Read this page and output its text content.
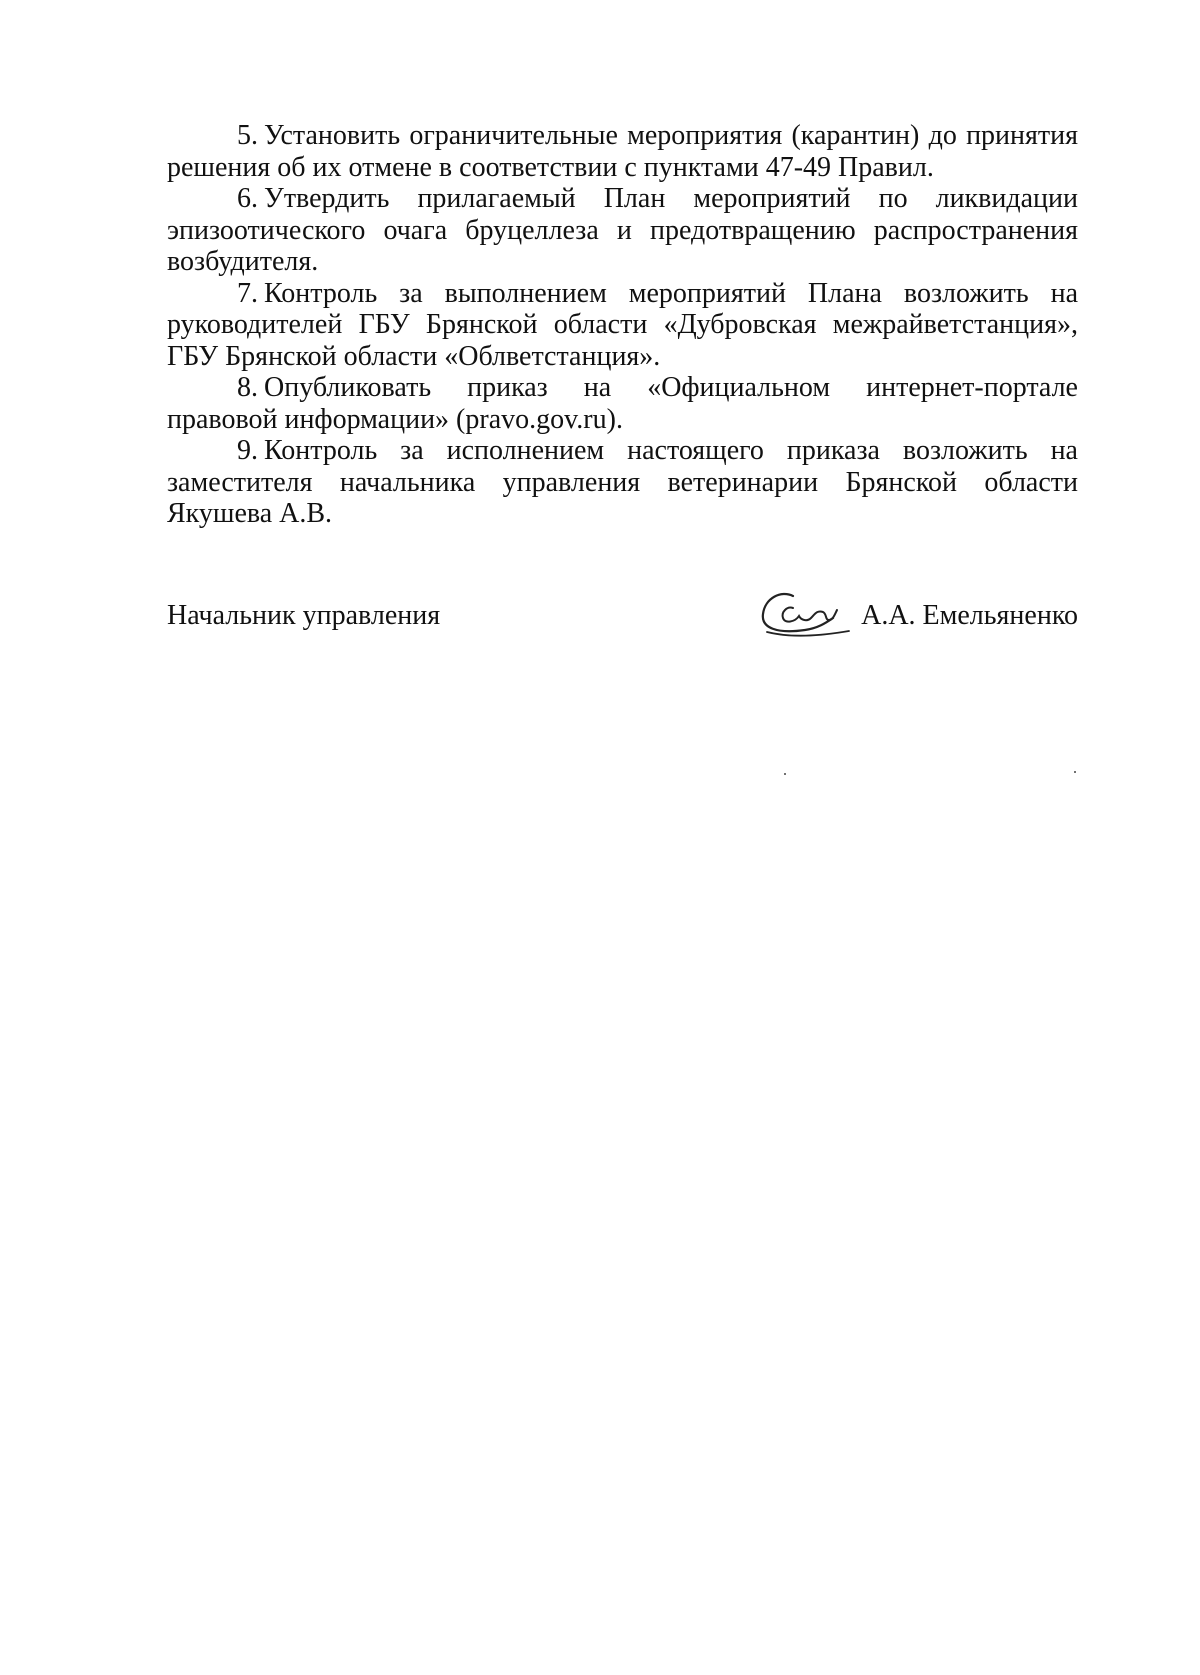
5. Установить ограничительные мероприятия (карантин) до принятия решения об их отмене в соответствии с пунктами 47-49 Правил.

6. Утвердить прилагаемый План мероприятий по ликвидации эпизоотического очага бруцеллеза и предотвращению распространения возбудителя.

7. Контроль за выполнением мероприятий Плана возложить на руководителей ГБУ Брянской области «Дубровская межрайветстанция», ГБУ Брянской области «Облветстанция».

8. Опубликовать приказ на «Официальном интернет-портале правовой информации» (pravo.gov.ru).

9. Контроль за исполнением настоящего приказа возложить на заместителя начальника управления ветеринарии Брянской области Якушева А.В.

Начальник управления	А.А. Емельяненко
